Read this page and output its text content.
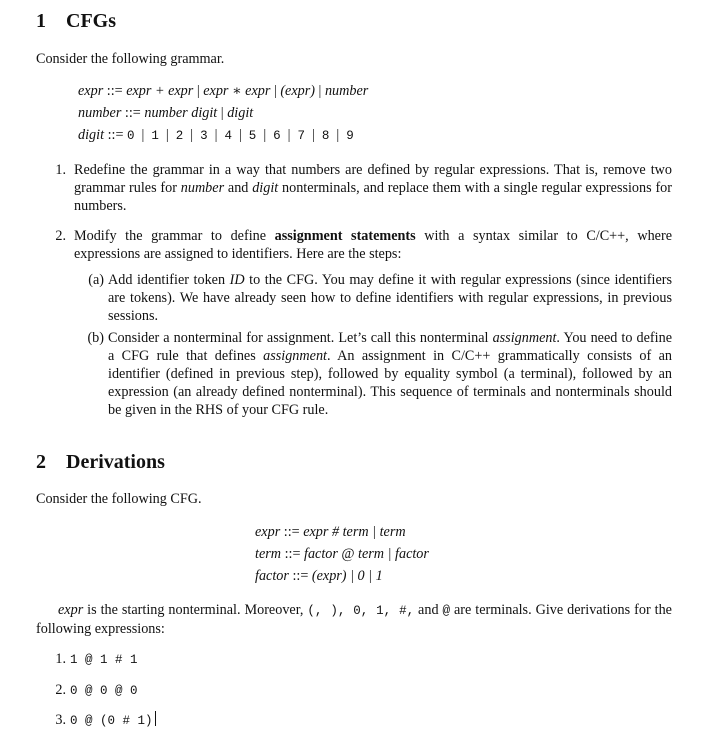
1 CFGs
Consider the following grammar.
expr ::= expr + expr | expr ∗ expr | (expr) | number
number ::= number digit | digit
digit ::= 0 | 1 | 2 | 3 | 4 | 5 | 6 | 7 | 8 | 9
1. Redefine the grammar in a way that numbers are defined by regular expressions. That is, remove two grammar rules for number and digit nonterminals, and replace them with a single regular expressions for numbers.
2. Modify the grammar to define assignment statements with a syntax similar to C/C++, where expressions are assigned to identifiers. Here are the steps:
(a) Add identifier token ID to the CFG. You may define it with regular expressions (since identifiers are tokens). We have already seen how to define identifiers with regular expressions, in previous sessions.
(b) Consider a nonterminal for assignment. Let’s call this nonterminal assignment. You need to define a CFG rule that defines assignment. An assignment in C/C++ grammatically consists of an identifier (defined in previous step), followed by equality symbol (a terminal), followed by an expression (an already defined nonterminal). This sequence of terminals and nonterminals should be given in the RHS of your CFG rule.
2 Derivations
Consider the following CFG.
expr ::= expr # term | term
term ::= factor @ term | factor
factor ::= (expr) | 0 | 1
expr is the starting nonterminal. Moreover, (, ), 0, 1, #, and @ are terminals. Give derivations for the following expressions:
1. 1 @ 1 # 1
2. 0 @ 0 @ 0
3. 0 @ (0 # 1)
